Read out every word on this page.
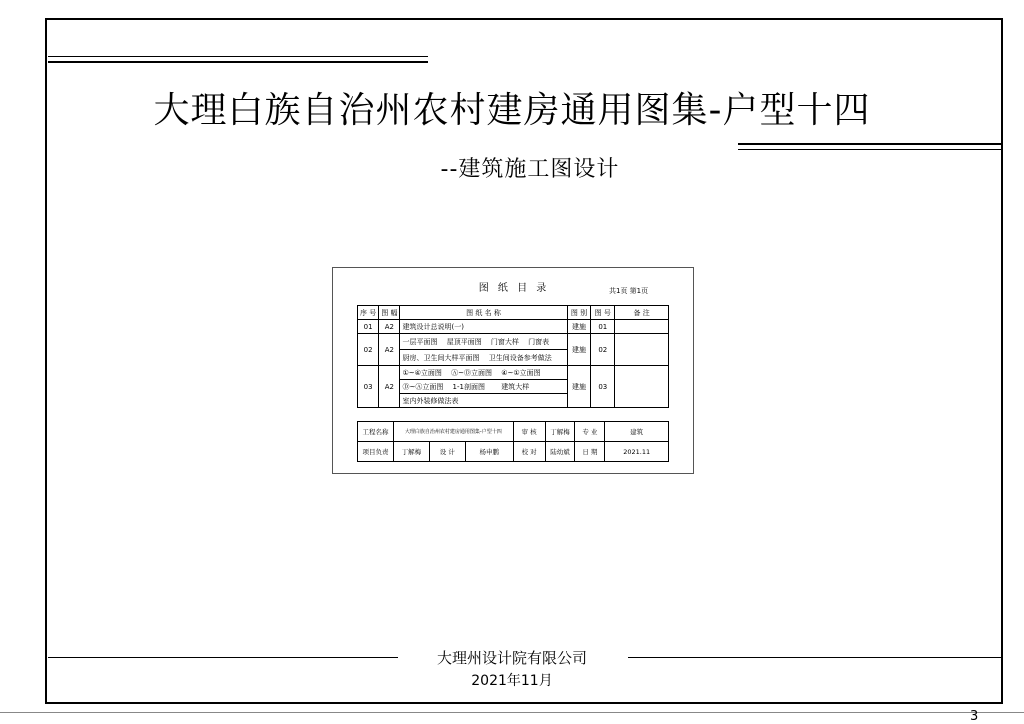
大理白族自治州农村建房通用图集-户型十四
--建筑施工图设计
图 纸 目 录	共1页 第1页
序 号	图 幅	图 纸 名 称	图 别	图 号	备 注
01	A2	建筑设计总说明(一)	建施	01	
02	A2	一层平面图　 屋顶平面图　 门窗大样　 门窗表	建施	02	
		厨房、卫生间大样平面图　 卫生间设备参考做法			
03	A2	①~④立面图　 Ⓐ~Ⓓ立面图　 ④~①立面图	建施	03	
		Ⓓ~Ⓐ立面图　 1-1剖面图　 　建筑大样			
		室内外装修做法表			
工程名称	大理白族自治州农村建房通用图集-户型十四			审 核	丁解梅	专 业	建筑
项目负责	丁解梅	设 计	杨申鹏	校 对	陆幼斌	日 期	2021.11
大理州设计院有限公司
2021年11月
3
